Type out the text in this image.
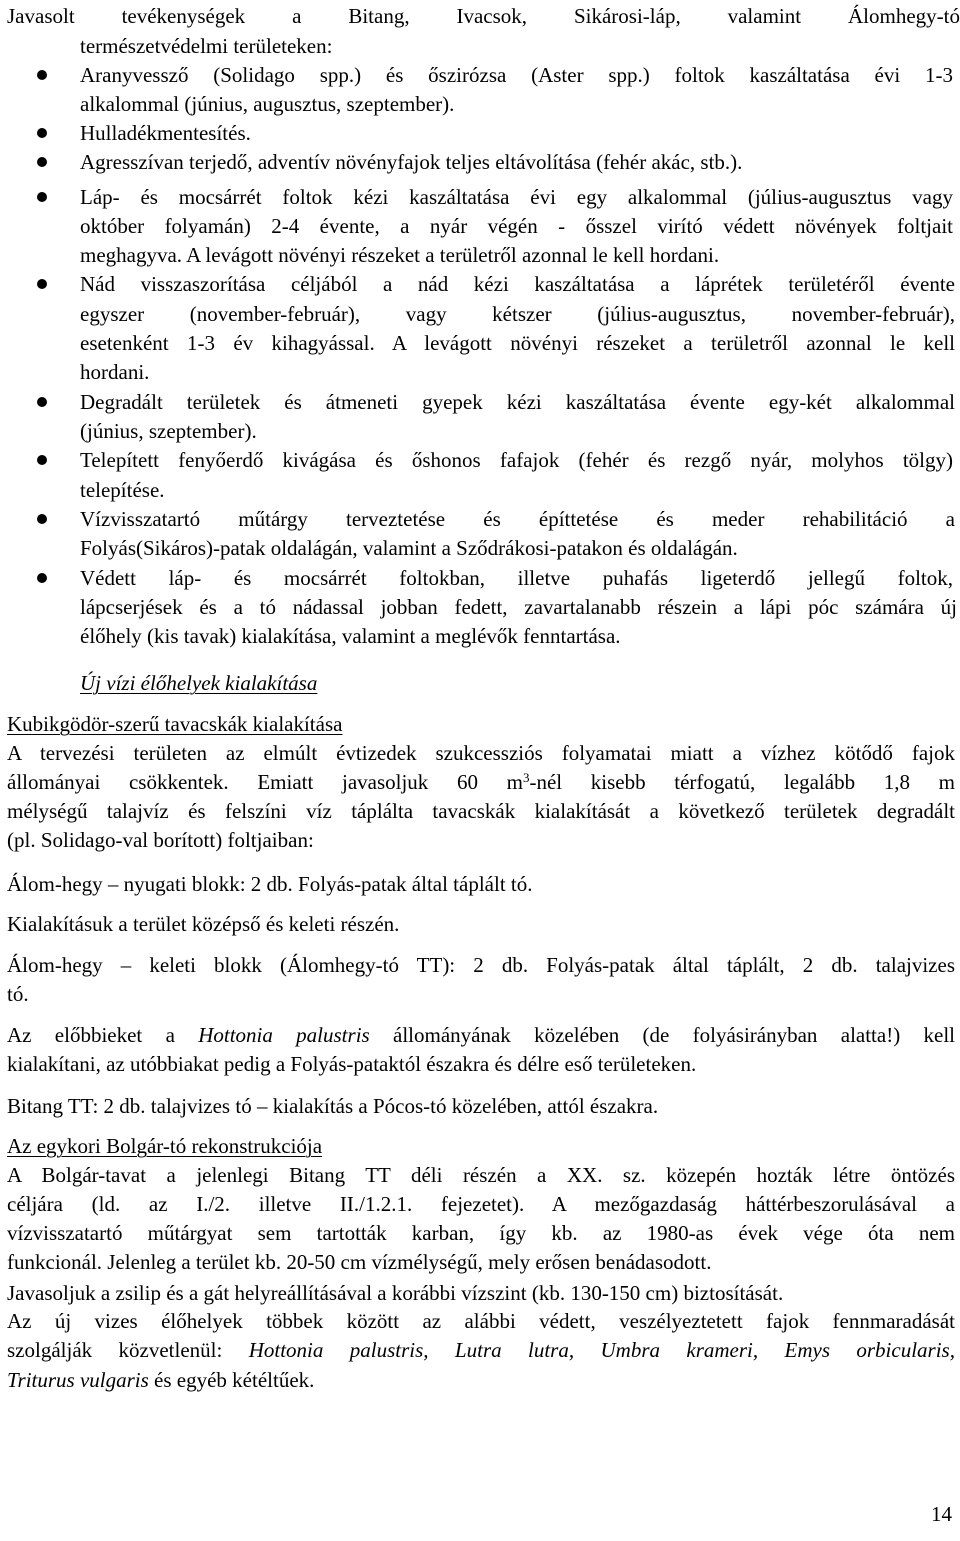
Javasolt tevékenységek a Bitang, Ivacsok, Sikárosi-láp, valamint Álomhegy-tó
természetvédelmi területeken:
Aranyvessző (Solidago spp.) és őszirózsa (Aster spp.) foltok kaszáltatása évi 1-3
alkalommal (június, augusztus, szeptember).
Hulladékmentesítés.
Agresszívan terjedő, adventív növényfajok teljes eltávolítása (fehér akác, stb.).
Láp- és mocsárrét foltok kézi kaszáltatása évi egy alkalommal (július-augusztus vagy
október folyamán) 2-4 évente, a nyár végén - ősszel virító védett növények foltjait
meghagyva. A levágott növényi részeket a területről azonnal le kell hordani.
Nád visszaszorítása céljából a nád kézi kaszáltatása a láprétek területéről évente
egyszer (november-február), vagy kétszer (július-augusztus, november-február),
esetenként 1-3 év kihagyással. A levágott növényi részeket a területről azonnal le kell
hordani.
Degradált területek és átmeneti gyepek kézi kaszáltatása évente egy-két alkalommal
(június, szeptember).
Telepített fenyőerdő kivágása és őshonos fafajok (fehér és rezgő nyár, molyhos tölgy)
telepítése.
Vízvisszatartó műtárgy terveztetése és építtetése és meder rehabilitáció a
Folyás(Sikáros)-patak oldalágán, valamint a Sződrákosi-patakon és oldalágán.
Védett láp- és mocsárrét foltokban, illetve puhafás ligeterdő jellegű foltok,
lápcserjések és a tó nádassal jobban fedett, zavartalanabb részein a lápi póc számára új
élőhely (kis tavak) kialakítása, valamint a meglévők fenntartása.
Új vízi élőhelyek kialakítása
Kubikgödör-szerű tavacskák kialakítása
A tervezési területen az elmúlt évtizedek szukcessziós folyamatai miatt a vízhez kötődő fajok
állományai csökkentek. Emiatt javasoljuk 60 $m^3$-nél kisebb térfogatú, legalább 1,8 m
mélységű talajvíz és felszíni víz táplálta tavacskák kialakítását a következő területek degradált
(pl. Solidago-val borított) foltjaiban:
Álom-hegy – nyugati blokk: 2 db. Folyás-patak által táplált tó.
Kialakításuk a terület középső és keleti részén.
Álom-hegy – keleti blokk (Álomhegy-tó TT): 2 db. Folyás-patak által táplált, 2 db. talajvizes
tó.
Az előbbieket a Hottonia palustris állományának közelében (de folyásirányban alatta!) kell
kialakítani, az utóbbiakat pedig a Folyás-pataktól északra és délre eső területeken.
Bitang TT: 2 db. talajvizes tó – kialakítás a Pócos-tó közelében, attól északra.
Az egykori Bolgár-tó rekonstrukciója
A Bolgár-tavat a jelenlegi Bitang TT déli részén a XX. sz. közepén hozták létre öntözés
céljára (ld. az I./2. illetve II./1.2.1. fejezetet). A mezőgazdaság háttérbeszorulásával a
vízvisszatartó műtárgyat sem tartották karban, így kb. az 1980-as évek vége óta nem
funkcionál. Jelenleg a terület kb. 20-50 cm vízmélységű, mely erősen benádasodott.
Javasoljuk a zsilip és a gát helyreállításával a korábbi vízszint (kb. 130-150 cm) biztosítását.
Az új vizes élőhelyek többek között az alábbi védett, veszélyeztetett fajok fennmaradását
szolgálják közvetlenül: Hottonia palustris, Lutra lutra, Umbra krameri, Emys orbicularis,
Triturus vulgaris és egyéb kétéltűek.
14
